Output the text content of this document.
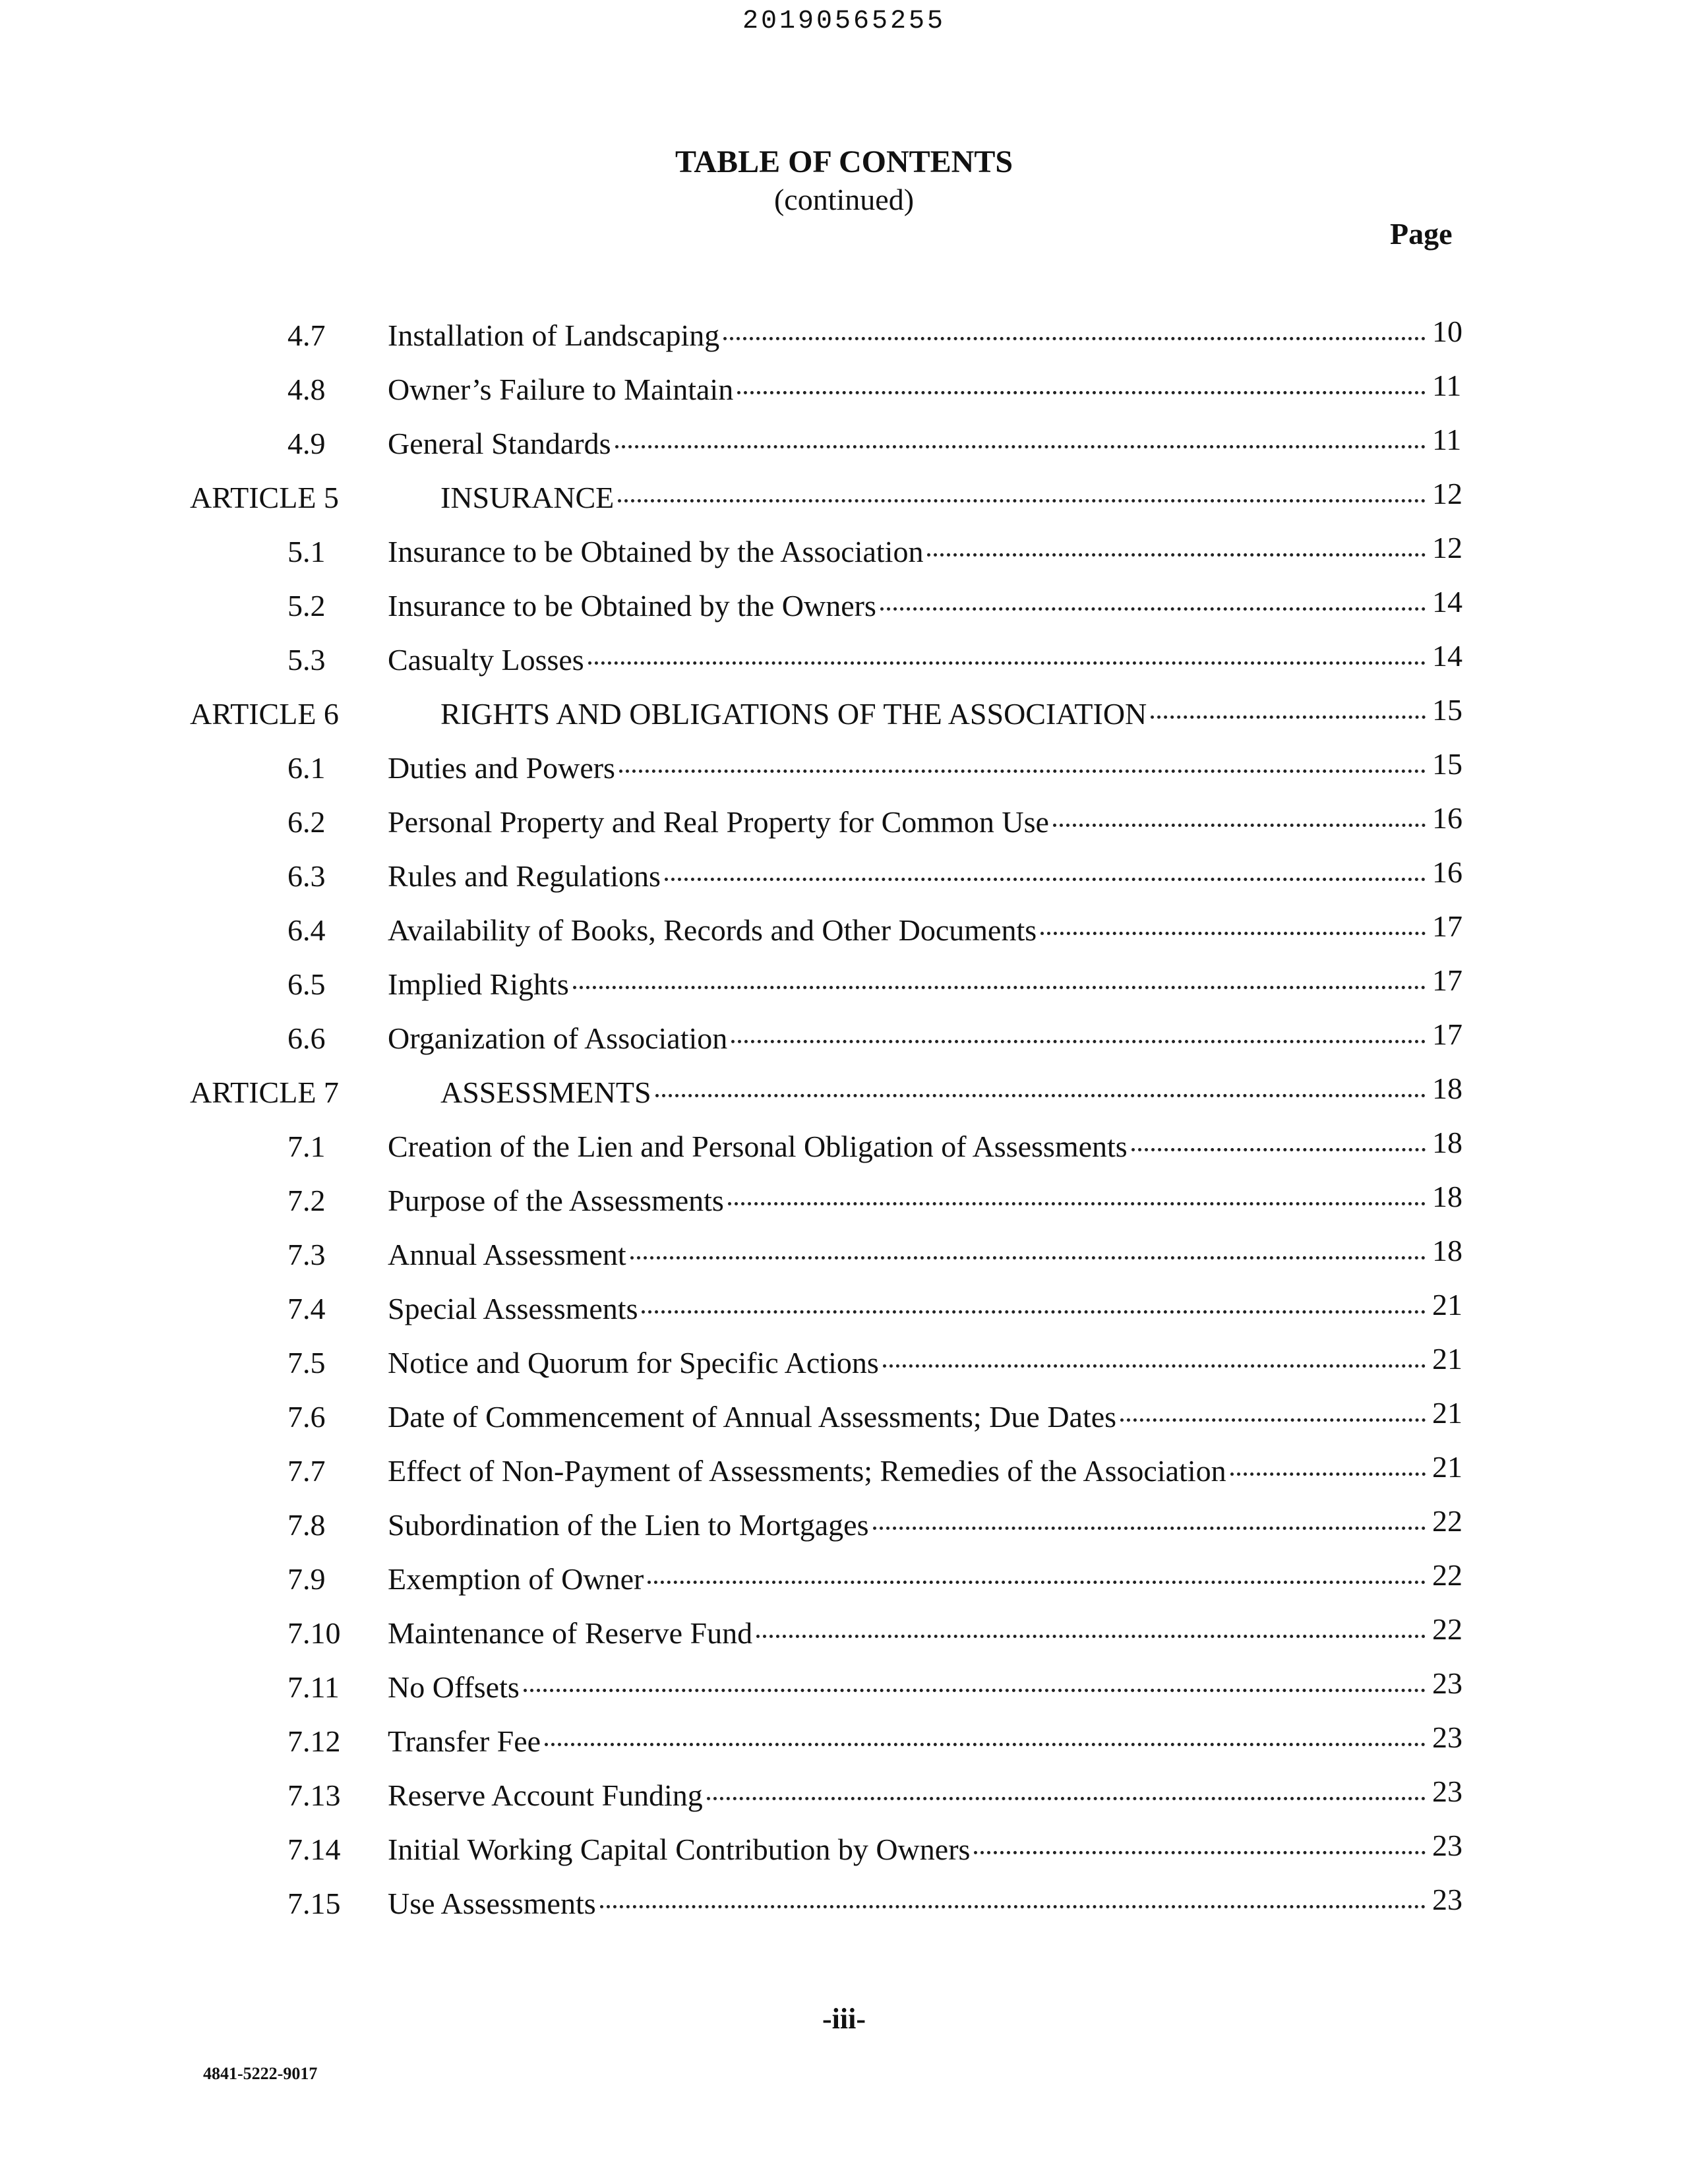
20190565255
TABLE OF CONTENTS
(continued)
Page
4.7 Installation of Landscaping	10
4.8 Owner’s Failure to Maintain	11
4.9 General Standards	11
ARTICLE 5	INSURANCE	12
5.1 Insurance to be Obtained by the Association	12
5.2 Insurance to be Obtained by the Owners	14
5.3 Casualty Losses	14
ARTICLE 6	RIGHTS AND OBLIGATIONS OF THE ASSOCIATION	15
6.1 Duties and Powers	15
6.2 Personal Property and Real Property for Common Use	16
6.3 Rules and Regulations	16
6.4 Availability of Books, Records and Other Documents	17
6.5 Implied Rights	17
6.6 Organization of Association	17
ARTICLE 7	ASSESSMENTS	18
7.1 Creation of the Lien and Personal Obligation of Assessments	18
7.2 Purpose of the Assessments	18
7.3 Annual Assessment	18
7.4 Special Assessments	21
7.5 Notice and Quorum for Specific Actions	21
7.6 Date of Commencement of Annual Assessments; Due Dates	21
7.7 Effect of Non-Payment of Assessments; Remedies of the Association	21
7.8 Subordination of the Lien to Mortgages	22
7.9 Exemption of Owner	22
7.10 Maintenance of Reserve Fund	22
7.11 No Offsets	23
7.12 Transfer Fee	23
7.13 Reserve Account Funding	23
7.14 Initial Working Capital Contribution by Owners	23
7.15 Use Assessments	23
-iii-
4841-5222-9017
